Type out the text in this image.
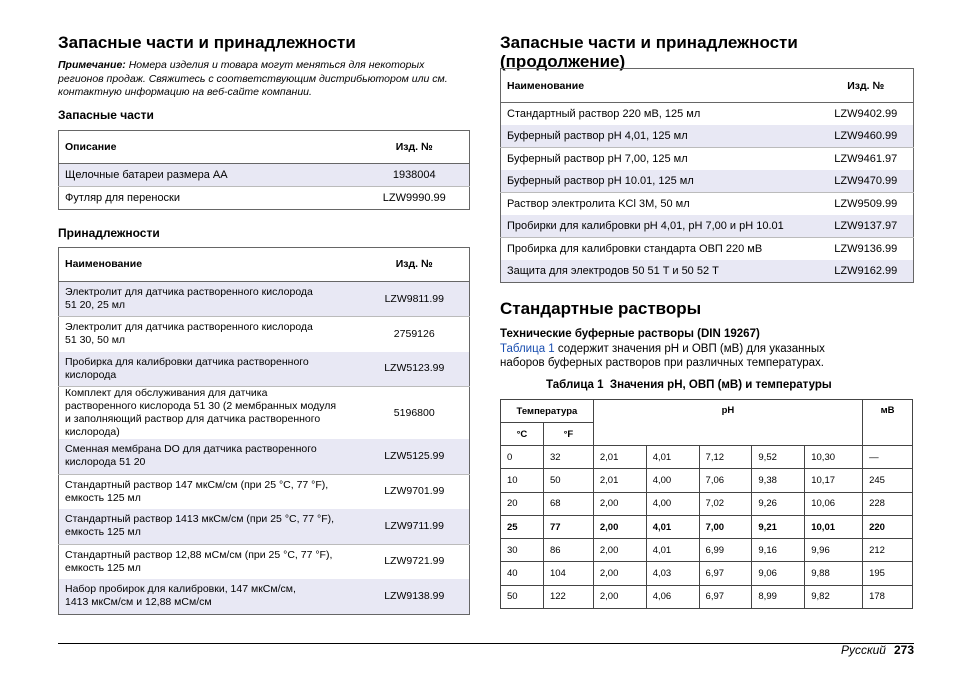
Запасные части и принадлежности

Примечание: Номера изделия и товара могут меняться для некоторых регионов продаж. Свяжитесь с соответствующим дистрибьютором или см. контактную информацию на веб-сайте компании.

Запасные части
Описание	Изд. №
Щелочные батареи размера AA	1938004
Футляр для переноски	LZW9990.99
Принадлежности
Наименование	Изд. №
Электролит для датчика растворенного кислорода
51 20, 25 мл	LZW9811.99
Электролит для датчика растворенного кислорода
51 30, 50 мл	2759126
Пробирка для калибровки датчика растворенного
кислорода	LZW5123.99
Комплект для обслуживания для датчика
растворенного кислорода 51 30 (2 мембранных модуля
и заполняющий раствор для датчика растворенного кислорода)	5196800
Сменная мембрана DO для датчика растворенного
кислорода 51 20	LZW5125.99
Стандартный раствор 147 мкСм/см (при 25 °C, 77 °F),
емкость 125 мл	LZW9701.99
Стандартный раствор 1413 мкСм/см (при 25 °C, 77 °F),
емкость 125 мл	LZW9711.99
Стандартный раствор 12,88 мСм/см (при 25 °C, 77 °F),
емкость 125 мл	LZW9721.99
Набор пробирок для калибровки, 147 мкСм/см,
1413 мкСм/см и 12,88 мСм/см	LZW9138.99
Запасные части и принадлежности
(продолжение)
Наименование	Изд. №
Стандартный раствор 220 мВ, 125 мл	LZW9402.99
Буферный раствор pH 4,01, 125 мл	LZW9460.99
Буферный раствор pH 7,00, 125 мл	LZW9461.97
Буферный раствор pH 10.01, 125 мл	LZW9470.99
Раствор электролита KCl 3M, 50 мл	LZW9509.99
Пробирки для калибровки pH 4,01, pH 7,00 и pH 10.01	LZW9137.97
Пробирка для калибровки стандарта ОВП 220 мВ	LZW9136.99
Защита для электродов 50 51 T и 50 52 T	LZW9162.99
Стандартные растворы
Технические буферные растворы (DIN 19267)

Таблица 1 содержит значения pH и ОВП (мВ) для указанных
наборов буферных растворов при различных температурах.

Таблица 1  Значения pH, ОВП (мВ) и температуры

Температура		pH					мВ
°C	°F						
0	32	2,01	4,01	7,12	9,52	10,30	—
10	50	2,01	4,00	7,06	9,38	10,17	245
20	68	2,00	4,00	7,02	9,26	10,06	228
25	77	2,00	4,01	7,00	9,21	10,01	220
30	86	2,00	4,01	6,99	9,16	9,96	212
40	104	2,00	4,03	6,97	9,06	9,88	195
50	122	2,00	4,06	6,97	8,99	9,82	178
Русский 273
